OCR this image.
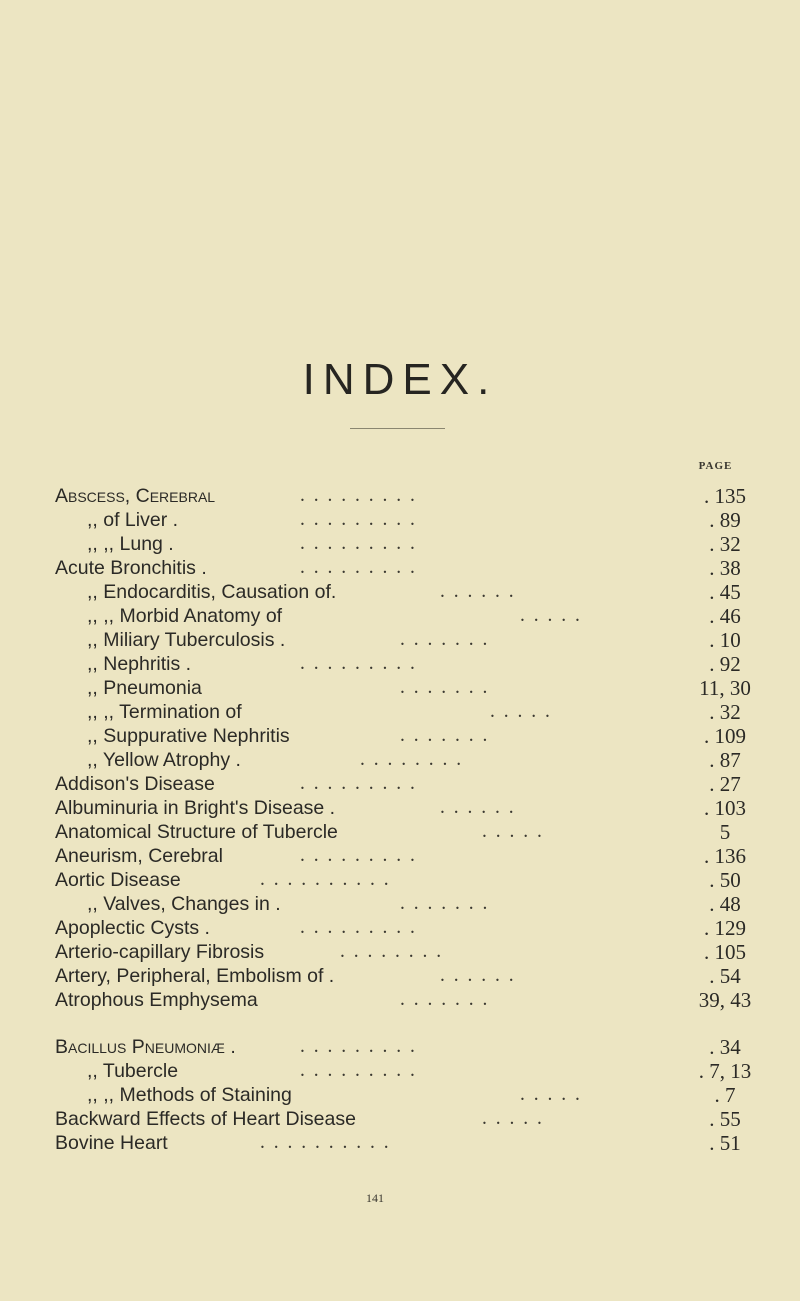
INDEX.
PAGE
Abscess, Cerebral	. . . . . . . . .	. 135
,, of Liver .	. . . . . . . . .	. 89
,, ,, Lung .	. . . . . . . . .	. 32
Acute Bronchitis .	. . . . . . . . .	. 38
,, Endocarditis, Causation of.	. . . . . .	. 45
,, ,, Morbid Anatomy of	. . . . .	. 46
,, Miliary Tuberculosis .	. . . . . . .	. 10
,, Nephritis .	. . . . . . . . .	. 92
,, Pneumonia	. . . . . . .	11, 30
,, ,, Termination of	. . . . .	. 32
,, Suppurative Nephritis	. . . . . . .	. 109
,, Yellow Atrophy .	. . . . . . . .	. 87
Addison's Disease	. . . . . . . . .	. 27
Albuminuria in Bright's Disease .	. . . . . .	. 103
Anatomical Structure of Tubercle	. . . . .	5
Aneurism, Cerebral	. . . . . . . . .	. 136
Aortic Disease	. . . . . . . . . .	. 50
,, Valves, Changes in .	. . . . . . .	. 48
Apoplectic Cysts .	. . . . . . . . .	. 129
Arterio-capillary Fibrosis	. . . . . . . .	. 105
Artery, Peripheral, Embolism of .	. . . . . .	. 54
Atrophous Emphysema	. . . . . . .	39, 43
Bacillus Pneumoniæ .	. . . . . . . . .	. 34
,, Tubercle	. . . . . . . . .	. 7, 13
,, ,, Methods of Staining	. . . . .	. 7
Backward Effects of Heart Disease	. . . . .	. 55
Bovine Heart	. . . . . . . . . .	. 51
141
